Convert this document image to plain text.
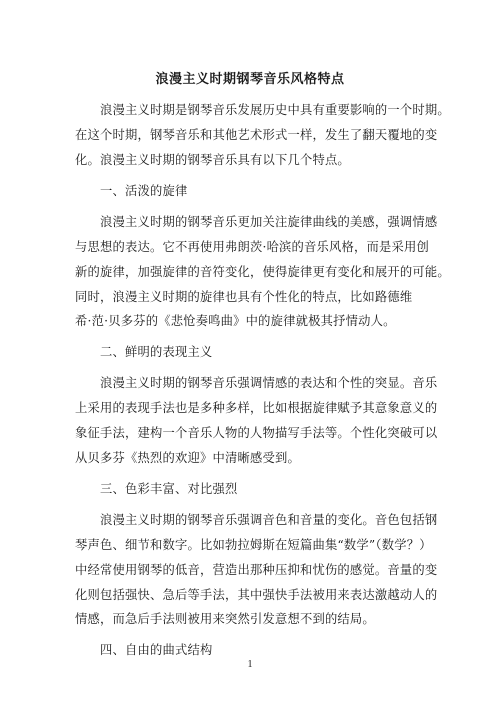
浪漫主义时期钢琴音乐风格特点
浪漫主义时期是钢琴音乐发展历史中具有重要影响的一个时期。
在这个时期，钢琴音乐和其他艺术形式一样，发生了翻天覆地的变
化。浪漫主义时期的钢琴音乐具有以下几个特点。
一、活泼的旋律
浪漫主义时期的钢琴音乐更加关注旋律曲线的美感，强调情感
与思想的表达。它不再使用弗朗茨·哈滨的音乐风格，而是采用创
新的旋律，加强旋律的音符变化，使得旋律更有变化和展开的可能。
同时，浪漫主义时期的旋律也具有个性化的特点，比如路德维
希·范·贝多芬的《悲怆奏鸣曲》中的旋律就极其抒情动人。
二、鲜明的表现主义
浪漫主义时期的钢琴音乐强调情感的表达和个性的突显。音乐
上采用的表现手法也是多种多样，比如根据旋律赋予其意象意义的
象征手法，建构一个音乐人物的人物描写手法等。个性化突破可以
从贝多芬《热烈的欢迎》中清晰感受到。
三、色彩丰富、对比强烈
浪漫主义时期的钢琴音乐强调音色和音量的变化。音色包括钢
琴声色、细节和数字。比如勃拉姆斯在短篇曲集“数学”（数学？）
中经常使用钢琴的低音，营造出那种压抑和忧伤的感觉。音量的变
化则包括强快、急后等手法，其中强快手法被用来表达激越动人的
情感，而急后手法则被用来突然引发意想不到的结局。
四、自由的曲式结构
1
